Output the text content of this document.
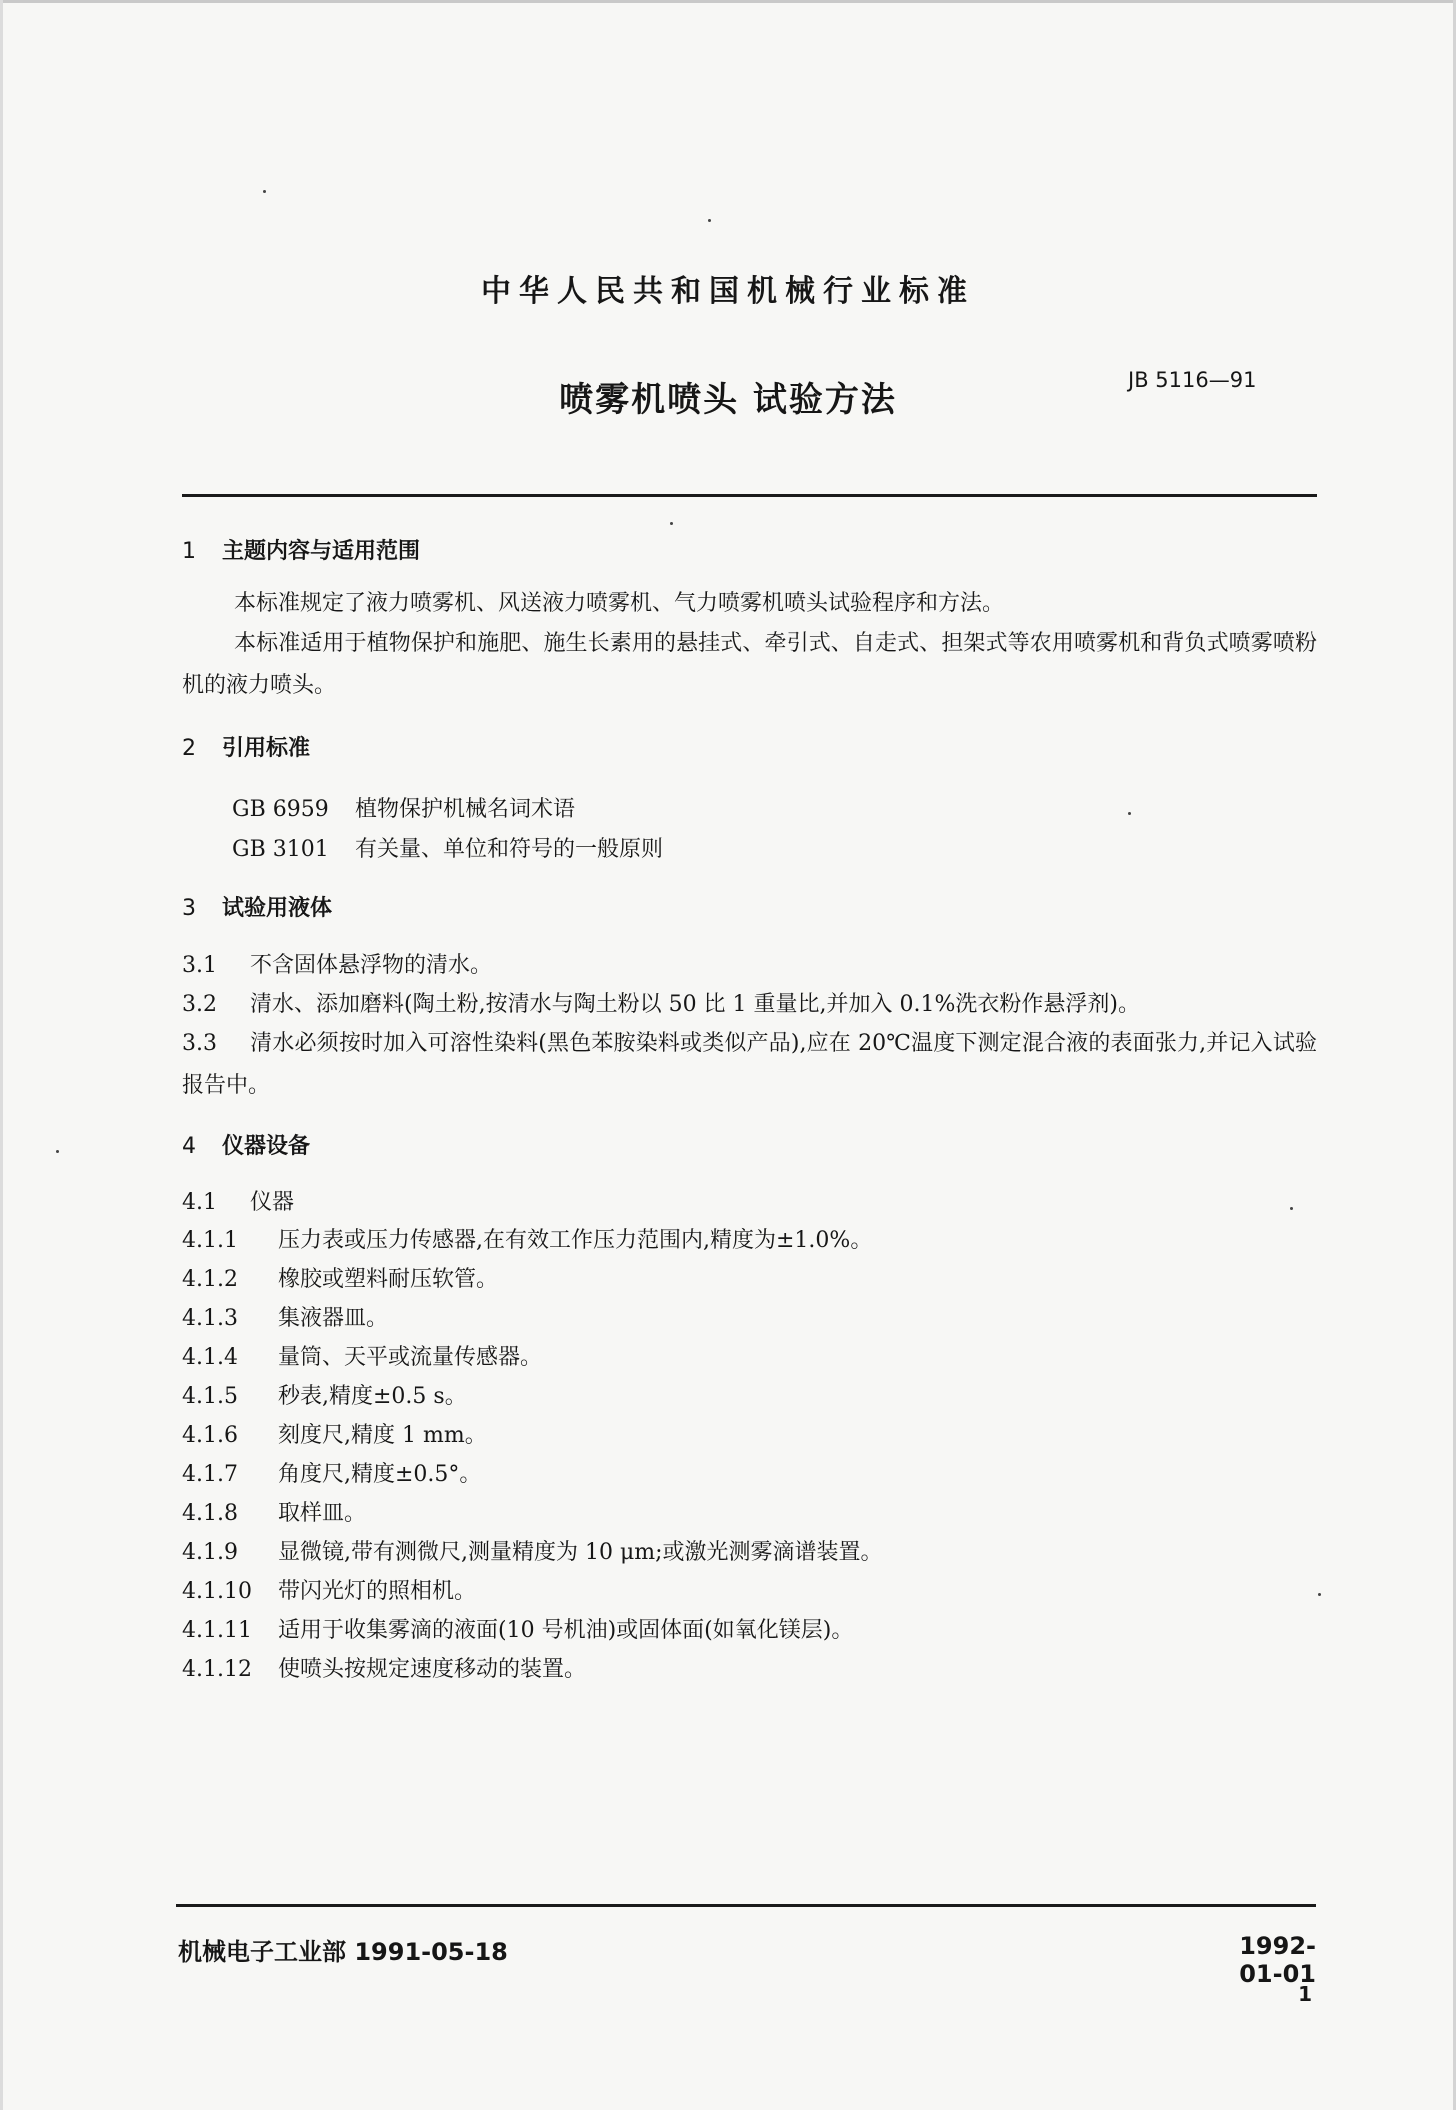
中华人民共和国机械行业标准
喷雾机喷头 试验方法	JB 5116—91
1 主题内容与适用范围
本标准规定了液力喷雾机、风送液力喷雾机、气力喷雾机喷头试验程序和方法。
本标准适用于植物保护和施肥、施生长素用的悬挂式、牵引式、自走式、担架式等农用喷雾机和背负式喷雾喷粉机的液力喷头。
2 引用标准
GB 6959 植物保护机械名词术语
GB 3101 有关量、单位和符号的一般原则
3 试验用液体
3.1 不含固体悬浮物的清水。
3.2 清水、添加磨料(陶土粉,按清水与陶土粉以 50 比 1 重量比,并加入 0.1%洗衣粉作悬浮剂)。
3.3 清水必须按时加入可溶性染料(黑色苯胺染料或类似产品),应在 20℃温度下测定混合液的表面张力,并记入试验报告中。
4 仪器设备
4.1 仪器
4.1.1 压力表或压力传感器,在有效工作压力范围内,精度为±1.0%。
4.1.2 橡胶或塑料耐压软管。
4.1.3 集液器皿。
4.1.4 量筒、天平或流量传感器。
4.1.5 秒表,精度±0.5 s。
4.1.6 刻度尺,精度 1 mm。
4.1.7 角度尺,精度±0.5°。
4.1.8 取样皿。
4.1.9 显微镜,带有测微尺,测量精度为 10 μm;或激光测雾滴谱装置。
4.1.10 带闪光灯的照相机。
4.1.11 适用于收集雾滴的液面(10 号机油)或固体面(如氧化镁层)。
4.1.12 使喷头按规定速度移动的装置。
机械电子工业部 1991-05-18	1992-01-01
1
